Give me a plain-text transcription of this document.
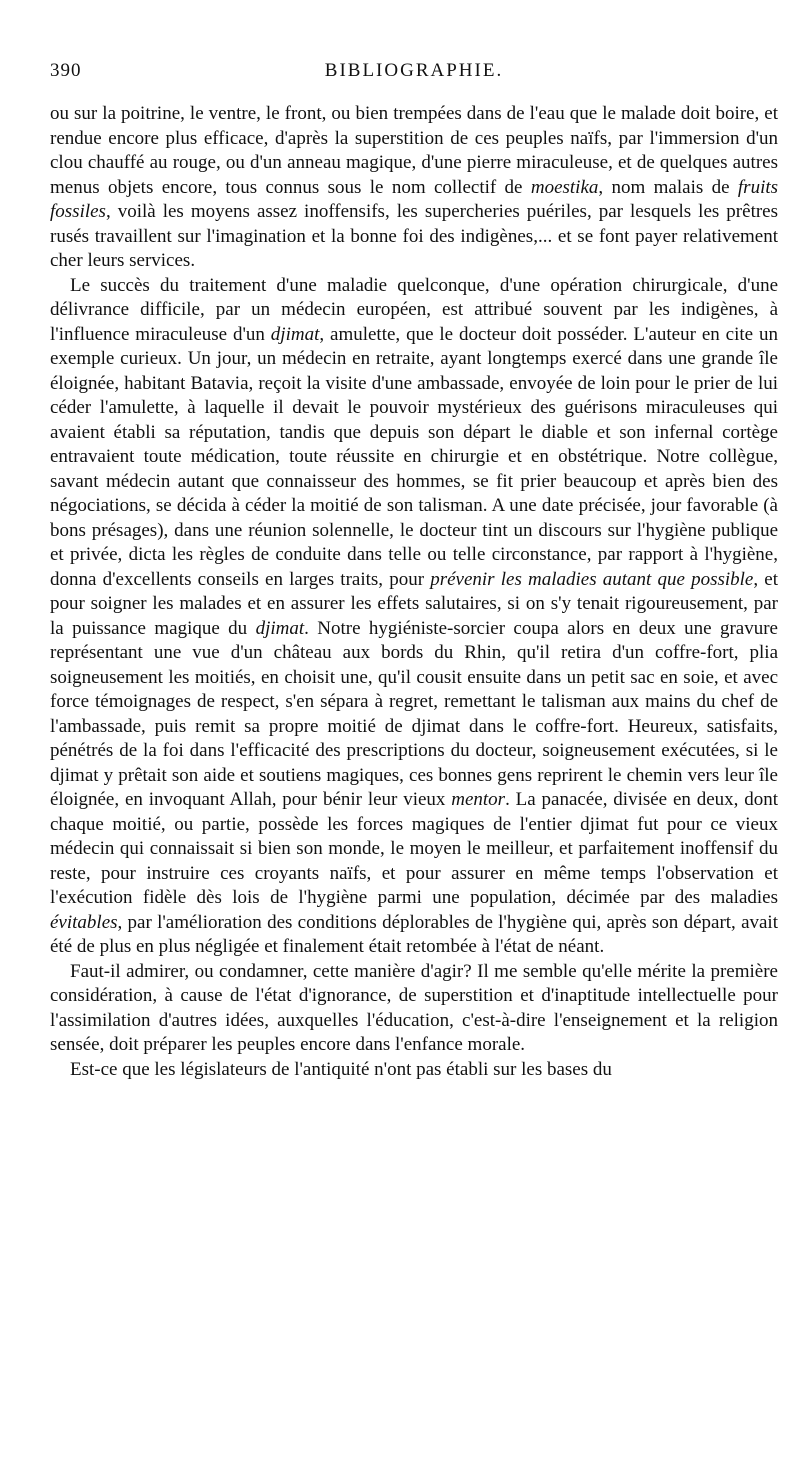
390	BIBLIOGRAPHIE.

ou sur la poitrine, le ventre, le front, ou bien trempées dans de l'eau que le malade doit boire, et rendue encore plus efficace, d'après la superstition de ces peuples naïfs, par l'immersion d'un clou chauffé au rouge, ou d'un anneau magique, d'une pierre miraculeuse, et de quelques autres menus objets encore, tous connus sous le nom collectif de moestika, nom malais de fruits fossiles, voilà les moyens assez inoffensifs, les supercheries puériles, par lesquels les prêtres rusés travaillent sur l'imagination et la bonne foi des indigènes,... et se font payer relativement cher leurs services.

Le succès du traitement d'une maladie quelconque, d'une opération chirurgicale, d'une délivrance difficile, par un médecin européen, est attribué souvent par les indigènes, à l'influence miraculeuse d'un djimat, amulette, que le docteur doit posséder. L'auteur en cite un exemple curieux. Un jour, un médecin en retraite, ayant longtemps exercé dans une grande île éloignée, habitant Batavia, reçoit la visite d'une ambassade, envoyée de loin pour le prier de lui céder l'amulette, à laquelle il devait le pouvoir mystérieux des guérisons miraculeuses qui avaient établi sa réputation, tandis que depuis son départ le diable et son infernal cortège entravaient toute médication, toute réussite en chirurgie et en obstétrique. Notre collègue, savant médecin autant que connaisseur des hommes, se fit prier beaucoup et après bien des négociations, se décida à céder la moitié de son talisman. A une date précisée, jour favorable (à bons présages), dans une réunion solennelle, le docteur tint un discours sur l'hygiène publique et privée, dicta les règles de conduite dans telle ou telle circonstance, par rapport à l'hygiène, donna d'excellents conseils en larges traits, pour prévenir les maladies autant que possible, et pour soigner les malades et en assurer les effets salutaires, si on s'y tenait rigoureusement, par la puissance magique du djimat. Notre hygiéniste-sorcier coupa alors en deux une gravure représentant une vue d'un château aux bords du Rhin, qu'il retira d'un coffre-fort, plia soigneusement les moitiés, en choisit une, qu'il cousit ensuite dans un petit sac en soie, et avec force témoignages de respect, s'en sépara à regret, remettant le talisman aux mains du chef de l'ambassade, puis remit sa propre moitié de djimat dans le coffre-fort. Heureux, satisfaits, pénétrés de la foi dans l'efficacité des prescriptions du docteur, soigneusement exécutées, si le djimat y prêtait son aide et soutiens magiques, ces bonnes gens reprirent le chemin vers leur île éloignée, en invoquant Allah, pour bénir leur vieux mentor. La panacée, divisée en deux, dont chaque moitié, ou partie, possède les forces magiques de l'entier djimat fut pour ce vieux médecin qui connaissait si bien son monde, le moyen le meilleur, et parfaitement inoffensif du reste, pour instruire ces croyants naïfs, et pour assurer en même temps l'observation et l'exécution fidèle dès lois de l'hygiène parmi une population, décimée par des maladies évitables, par l'amélioration des conditions déplorables de l'hygiène qui, après son départ, avait été de plus en plus négligée et finalement était retombée à l'état de néant.

Faut-il admirer, ou condamner, cette manière d'agir? Il me semble qu'elle mérite la première considération, à cause de l'état d'ignorance, de superstition et d'inaptitude intellectuelle pour l'assimilation d'autres idées, auxquelles l'éducation, c'est-à-dire l'enseignement et la religion sensée, doit préparer les peuples encore dans l'enfance morale.

Est-ce que les législateurs de l'antiquité n'ont pas établi sur les bases du
